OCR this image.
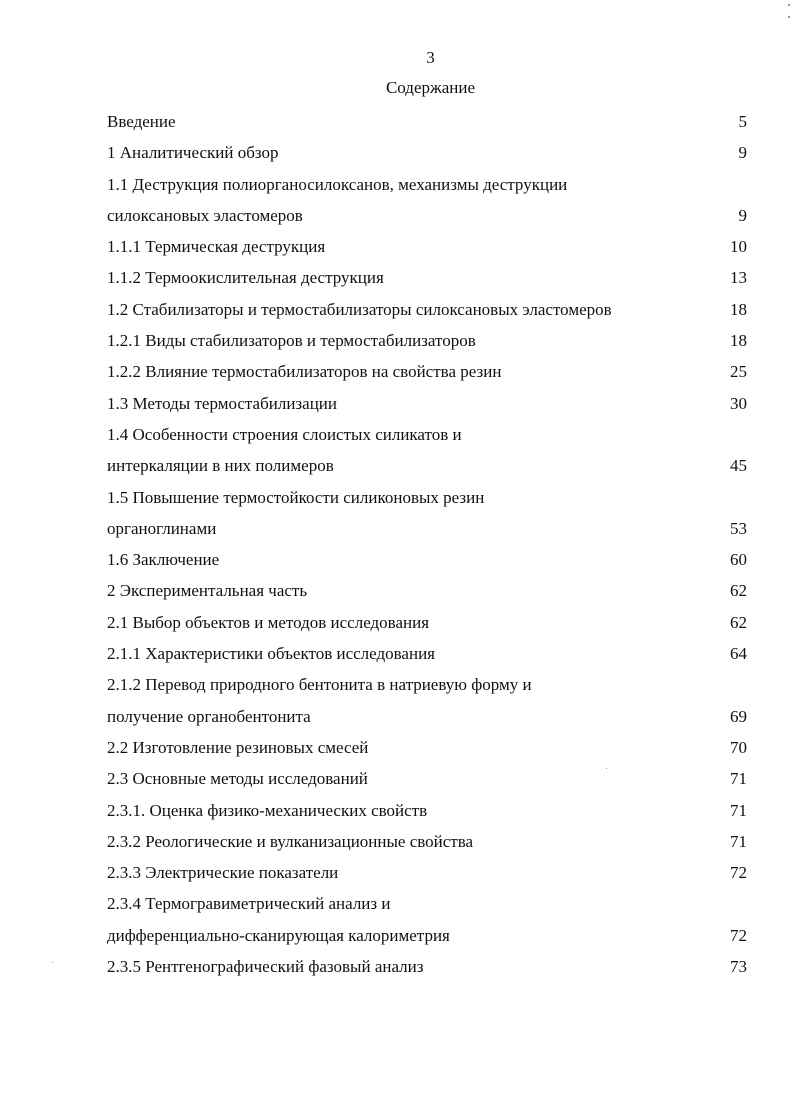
3
Содержание
Введение	5
1 Аналитический обзор	9
1.1 Деструкция полиорганосилоксанов, механизмы деструкции
силоксановых эластомеров	9
1.1.1 Термическая деструкция	10
1.1.2 Термоокислительная деструкция	13
1.2 Стабилизаторы и термостабилизаторы силоксановых эластомеров	18
1.2.1 Виды стабилизаторов и термостабилизаторов	18
1.2.2 Влияние термостабилизаторов на свойства резин	25
1.3 Методы термостабилизации	30
1.4 Особенности строения слоистых силикатов и
интеркаляции в них полимеров	45
1.5 Повышение термостойкости силиконовых резин
органоглинами	53
1.6 Заключение	60
2 Экспериментальная часть	62
2.1 Выбор объектов и методов исследования	62
2.1.1 Характеристики объектов исследования	64
2.1.2 Перевод природного бентонита в натриевую форму и
получение органобентонита	69
2.2 Изготовление резиновых смесей	70
2.3 Основные методы исследований	71
2.3.1. Оценка физико-механических свойств	71
2.3.2 Реологические и вулканизационные свойства	71
2.3.3 Электрические показатели	72
2.3.4 Термогравиметрический анализ и
дифференциально-сканирующая калориметрия	72
2.3.5 Рентгенографический фазовый анализ	73
